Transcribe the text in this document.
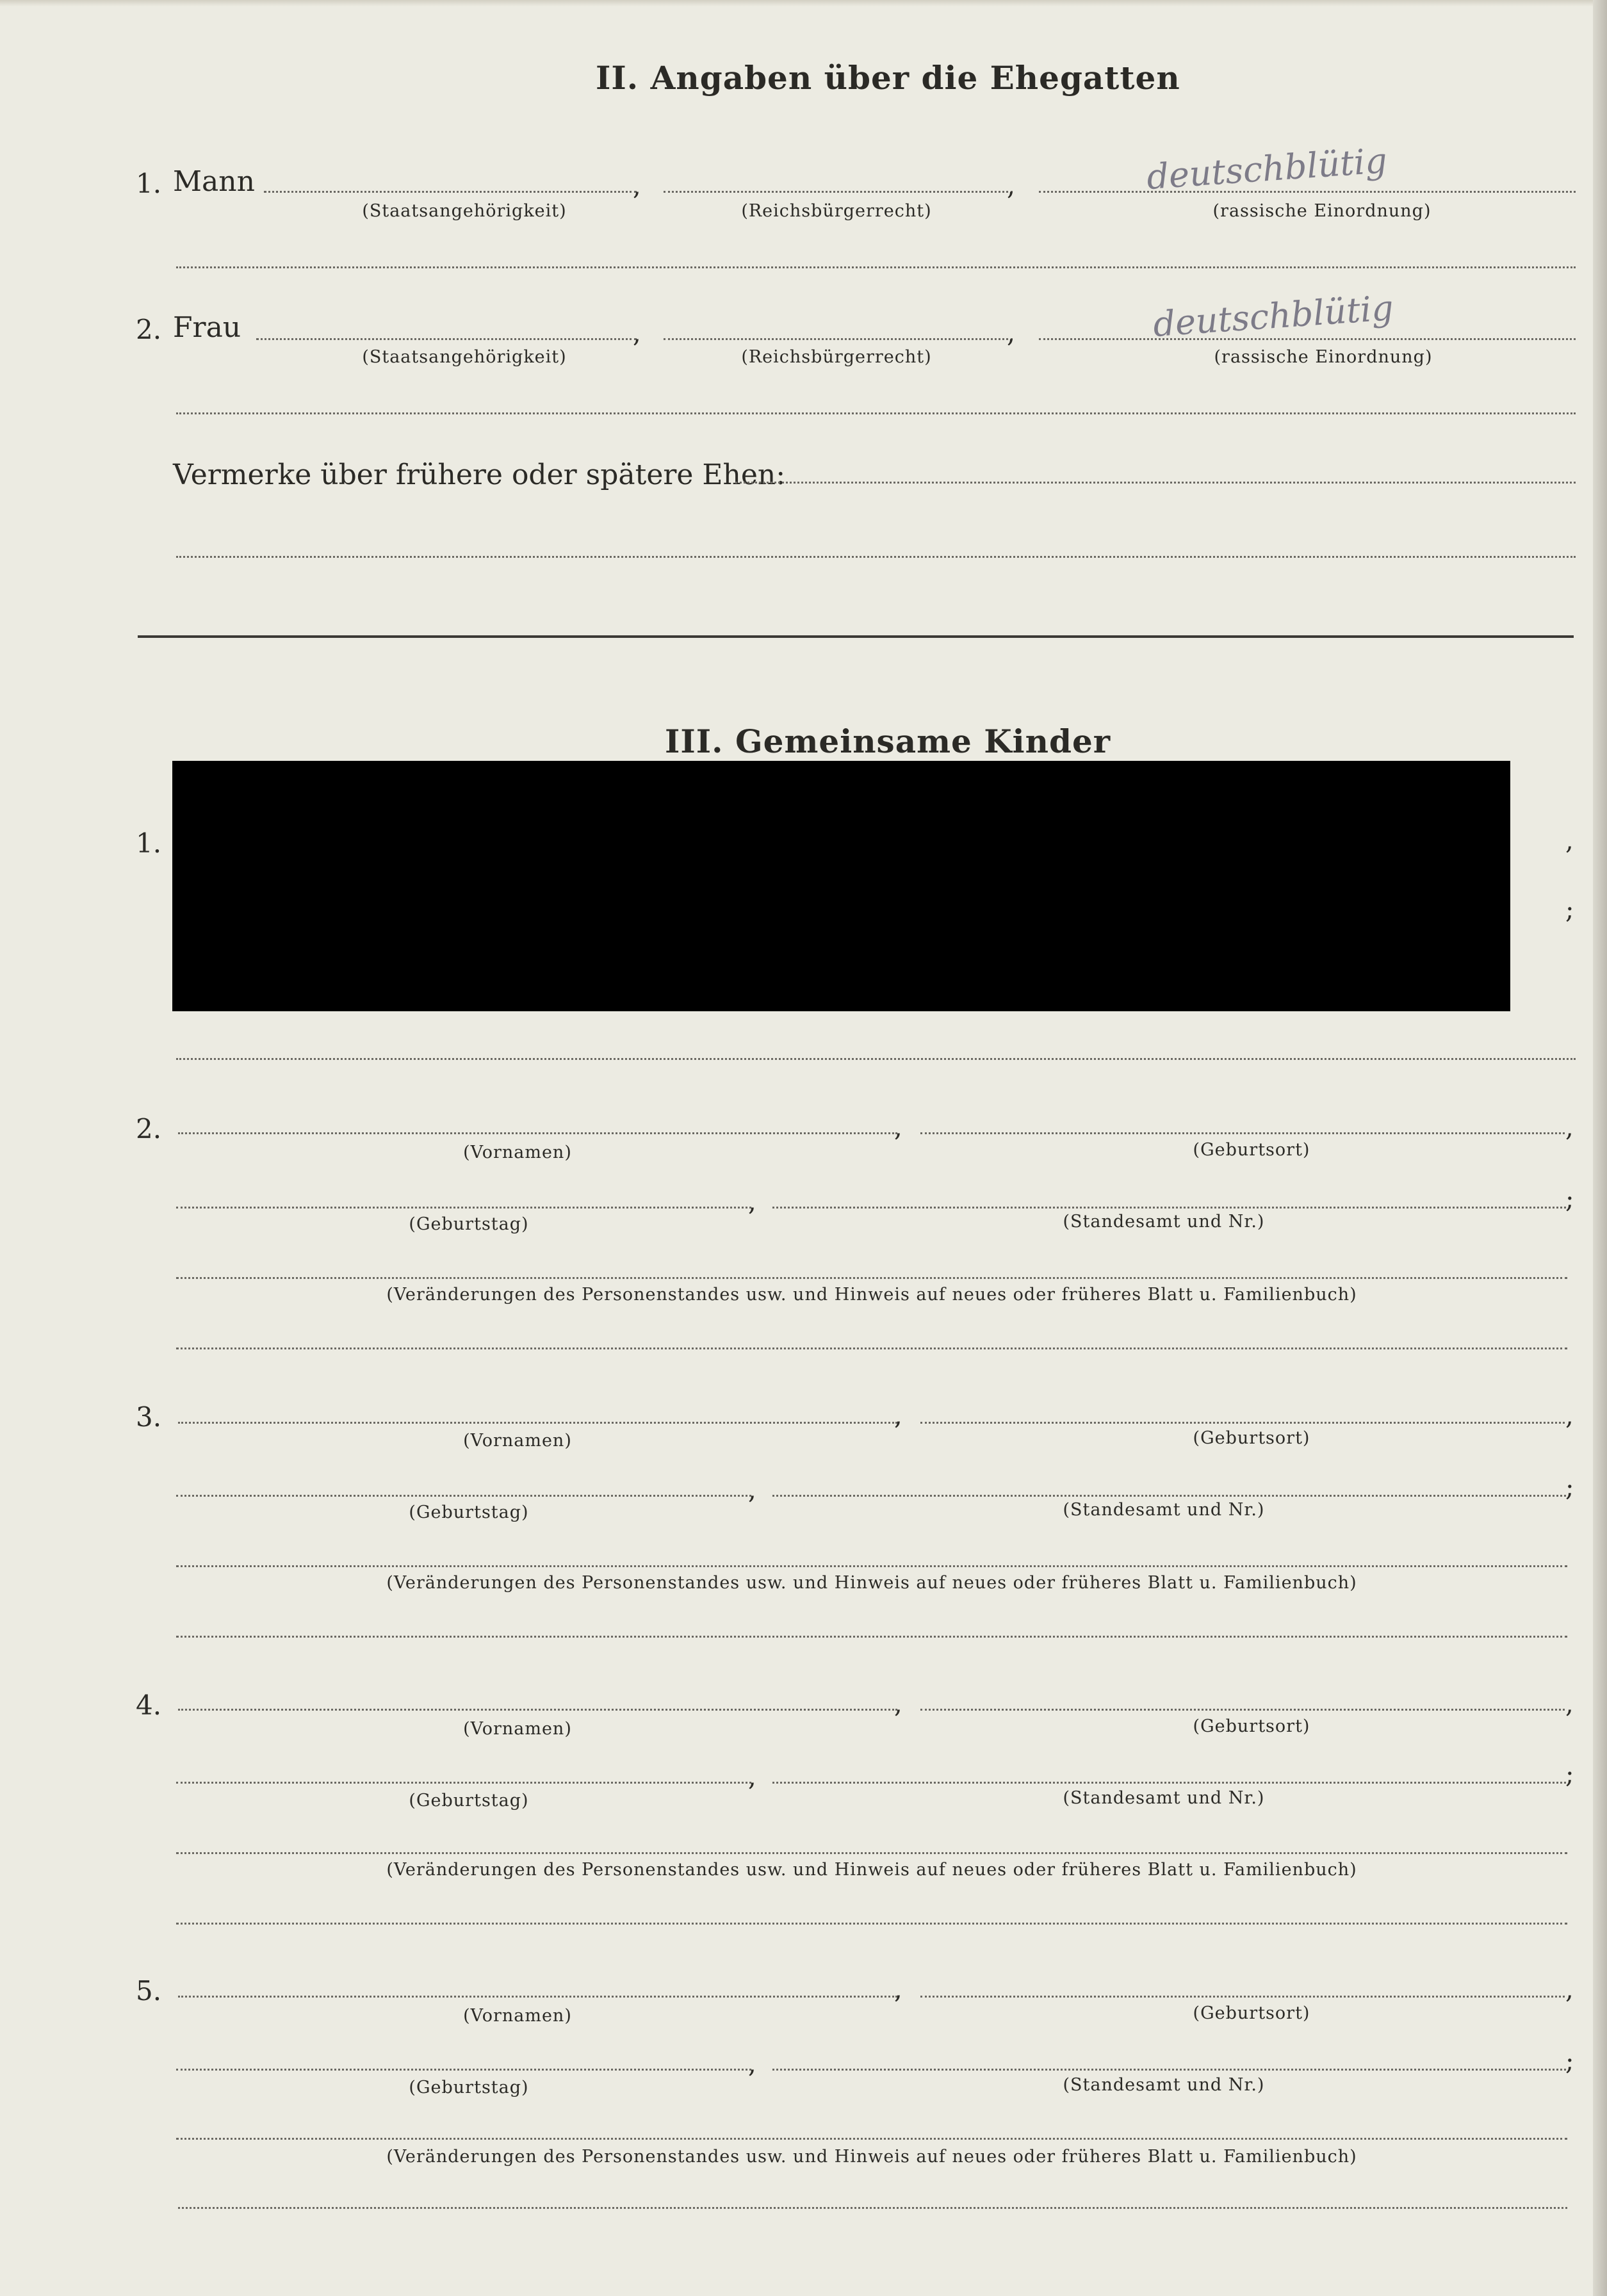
II. Angaben über die Ehegatten
1. Mann	,	,	deutschblütig
(Staatsangehörigkeit)	(Reichsbürgerrecht)	(rassische Einordnung)
2. Frau	,	,	deutschblütig
(Staatsangehörigkeit)	(Reichsbürgerrecht)	(rassische Einordnung)
Vermerke über frühere oder spätere Ehen:
III. Gemeinsame Kinder
1.	,
;
2.	,	,
(Vornamen)	(Geburtsort)
,	;
(Geburtstag)	(Standesamt und Nr.)
(Veränderungen des Personenstandes usw. und Hinweis auf neues oder früheres Blatt u. Familienbuch)
3.	,	,
(Vornamen)	(Geburtsort)
,	;
(Geburtstag)	(Standesamt und Nr.)
(Veränderungen des Personenstandes usw. und Hinweis auf neues oder früheres Blatt u. Familienbuch)
4.	,	,
(Vornamen)	(Geburtsort)
,	;
(Geburtstag)	(Standesamt und Nr.)
(Veränderungen des Personenstandes usw. und Hinweis auf neues oder früheres Blatt u. Familienbuch)
5.	,	,
(Vornamen)	(Geburtsort)
,	;
(Geburtstag)	(Standesamt und Nr.)
(Veränderungen des Personenstandes usw. und Hinweis auf neues oder früheres Blatt u. Familienbuch)
